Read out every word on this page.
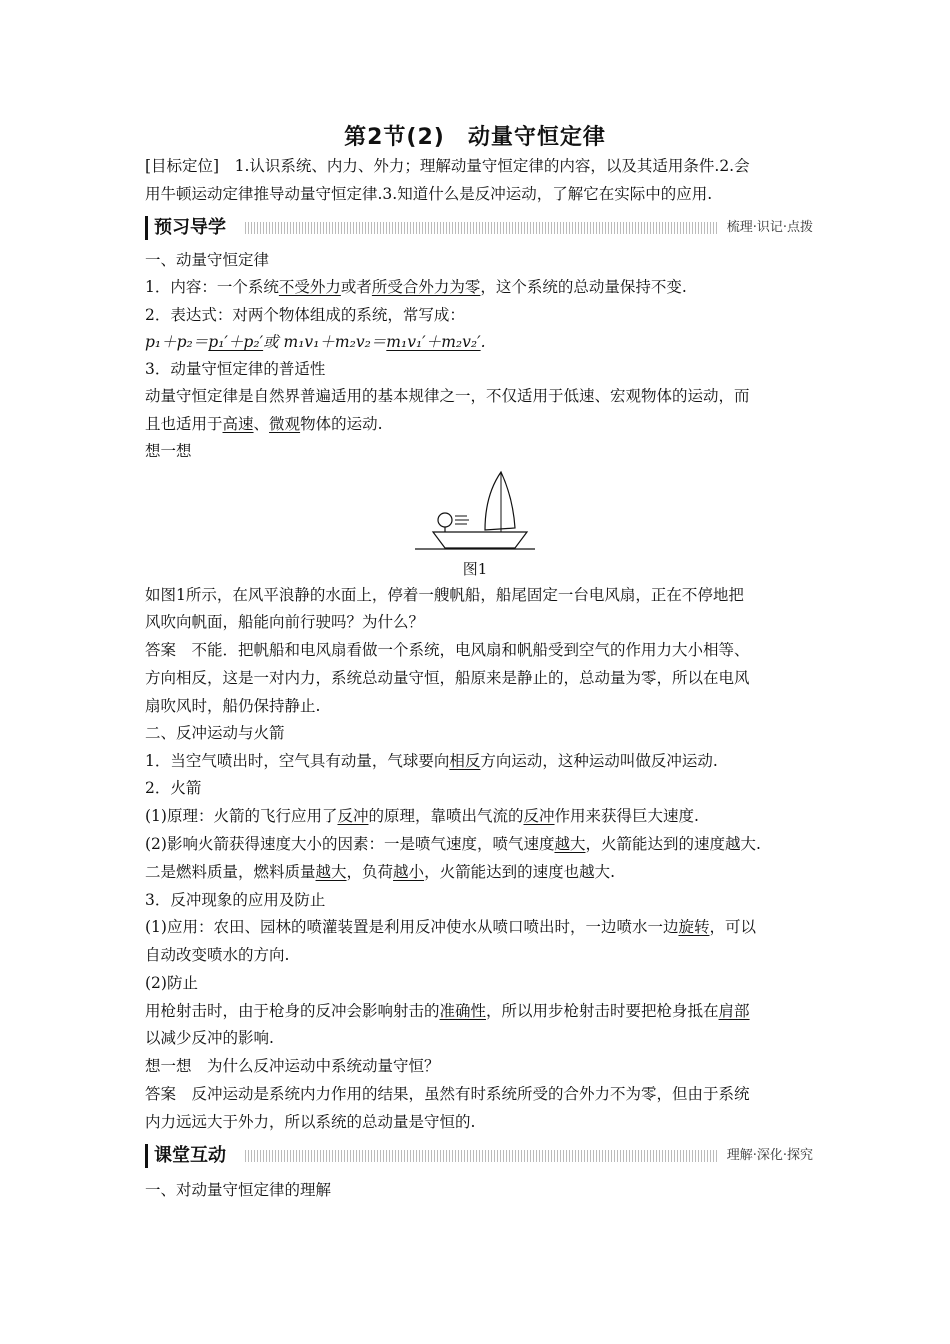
第2节(2)　动量守恒定律
[目标定位]　1.认识系统、内力、外力；理解动量守恒定律的内容，以及其适用条件.2.会
用牛顿运动定律推导动量守恒定律.3.知道什么是反冲运动，了解它在实际中的应用.
预习导学	梳理·识记·点拨
一、动量守恒定律
1．内容：一个系统不受外力或者所受合外力为零，这个系统的总动量保持不变.
2．表达式：对两个物体组成的系统，常写成：
p₁＋p₂＝p₁′＋p₂′或 m₁v₁＋m₂v₂＝m₁v₁′＋m₂v₂′.
3．动量守恒定律的普适性
动量守恒定律是自然界普遍适用的基本规律之一，不仅适用于低速、宏观物体的运动，而
且也适用于高速、微观物体的运动.
想一想
图1
如图1所示，在风平浪静的水面上，停着一艘帆船，船尾固定一台电风扇，正在不停地把
风吹向帆面，船能向前行驶吗？为什么？
答案　不能．把帆船和电风扇看做一个系统，电风扇和帆船受到空气的作用力大小相等、
方向相反，这是一对内力，系统总动量守恒，船原来是静止的，总动量为零，所以在电风
扇吹风时，船仍保持静止.
二、反冲运动与火箭
1．当空气喷出时，空气具有动量，气球要向相反方向运动，这种运动叫做反冲运动.
2．火箭
(1)原理：火箭的飞行应用了反冲的原理，靠喷出气流的反冲作用来获得巨大速度.
(2)影响火箭获得速度大小的因素：一是喷气速度，喷气速度越大，火箭能达到的速度越大.
二是燃料质量，燃料质量越大，负荷越小，火箭能达到的速度也越大.
3．反冲现象的应用及防止
(1)应用：农田、园林的喷灌装置是利用反冲使水从喷口喷出时，一边喷水一边旋转，可以
自动改变喷水的方向.
(2)防止
用枪射击时，由于枪身的反冲会影响射击的准确性，所以用步枪射击时要把枪身抵在肩部
以减少反冲的影响.
想一想　为什么反冲运动中系统动量守恒？
答案　反冲运动是系统内力作用的结果，虽然有时系统所受的合外力不为零，但由于系统
内力远远大于外力，所以系统的总动量是守恒的.
课堂互动	理解·深化·探究
一、对动量守恒定律的理解
